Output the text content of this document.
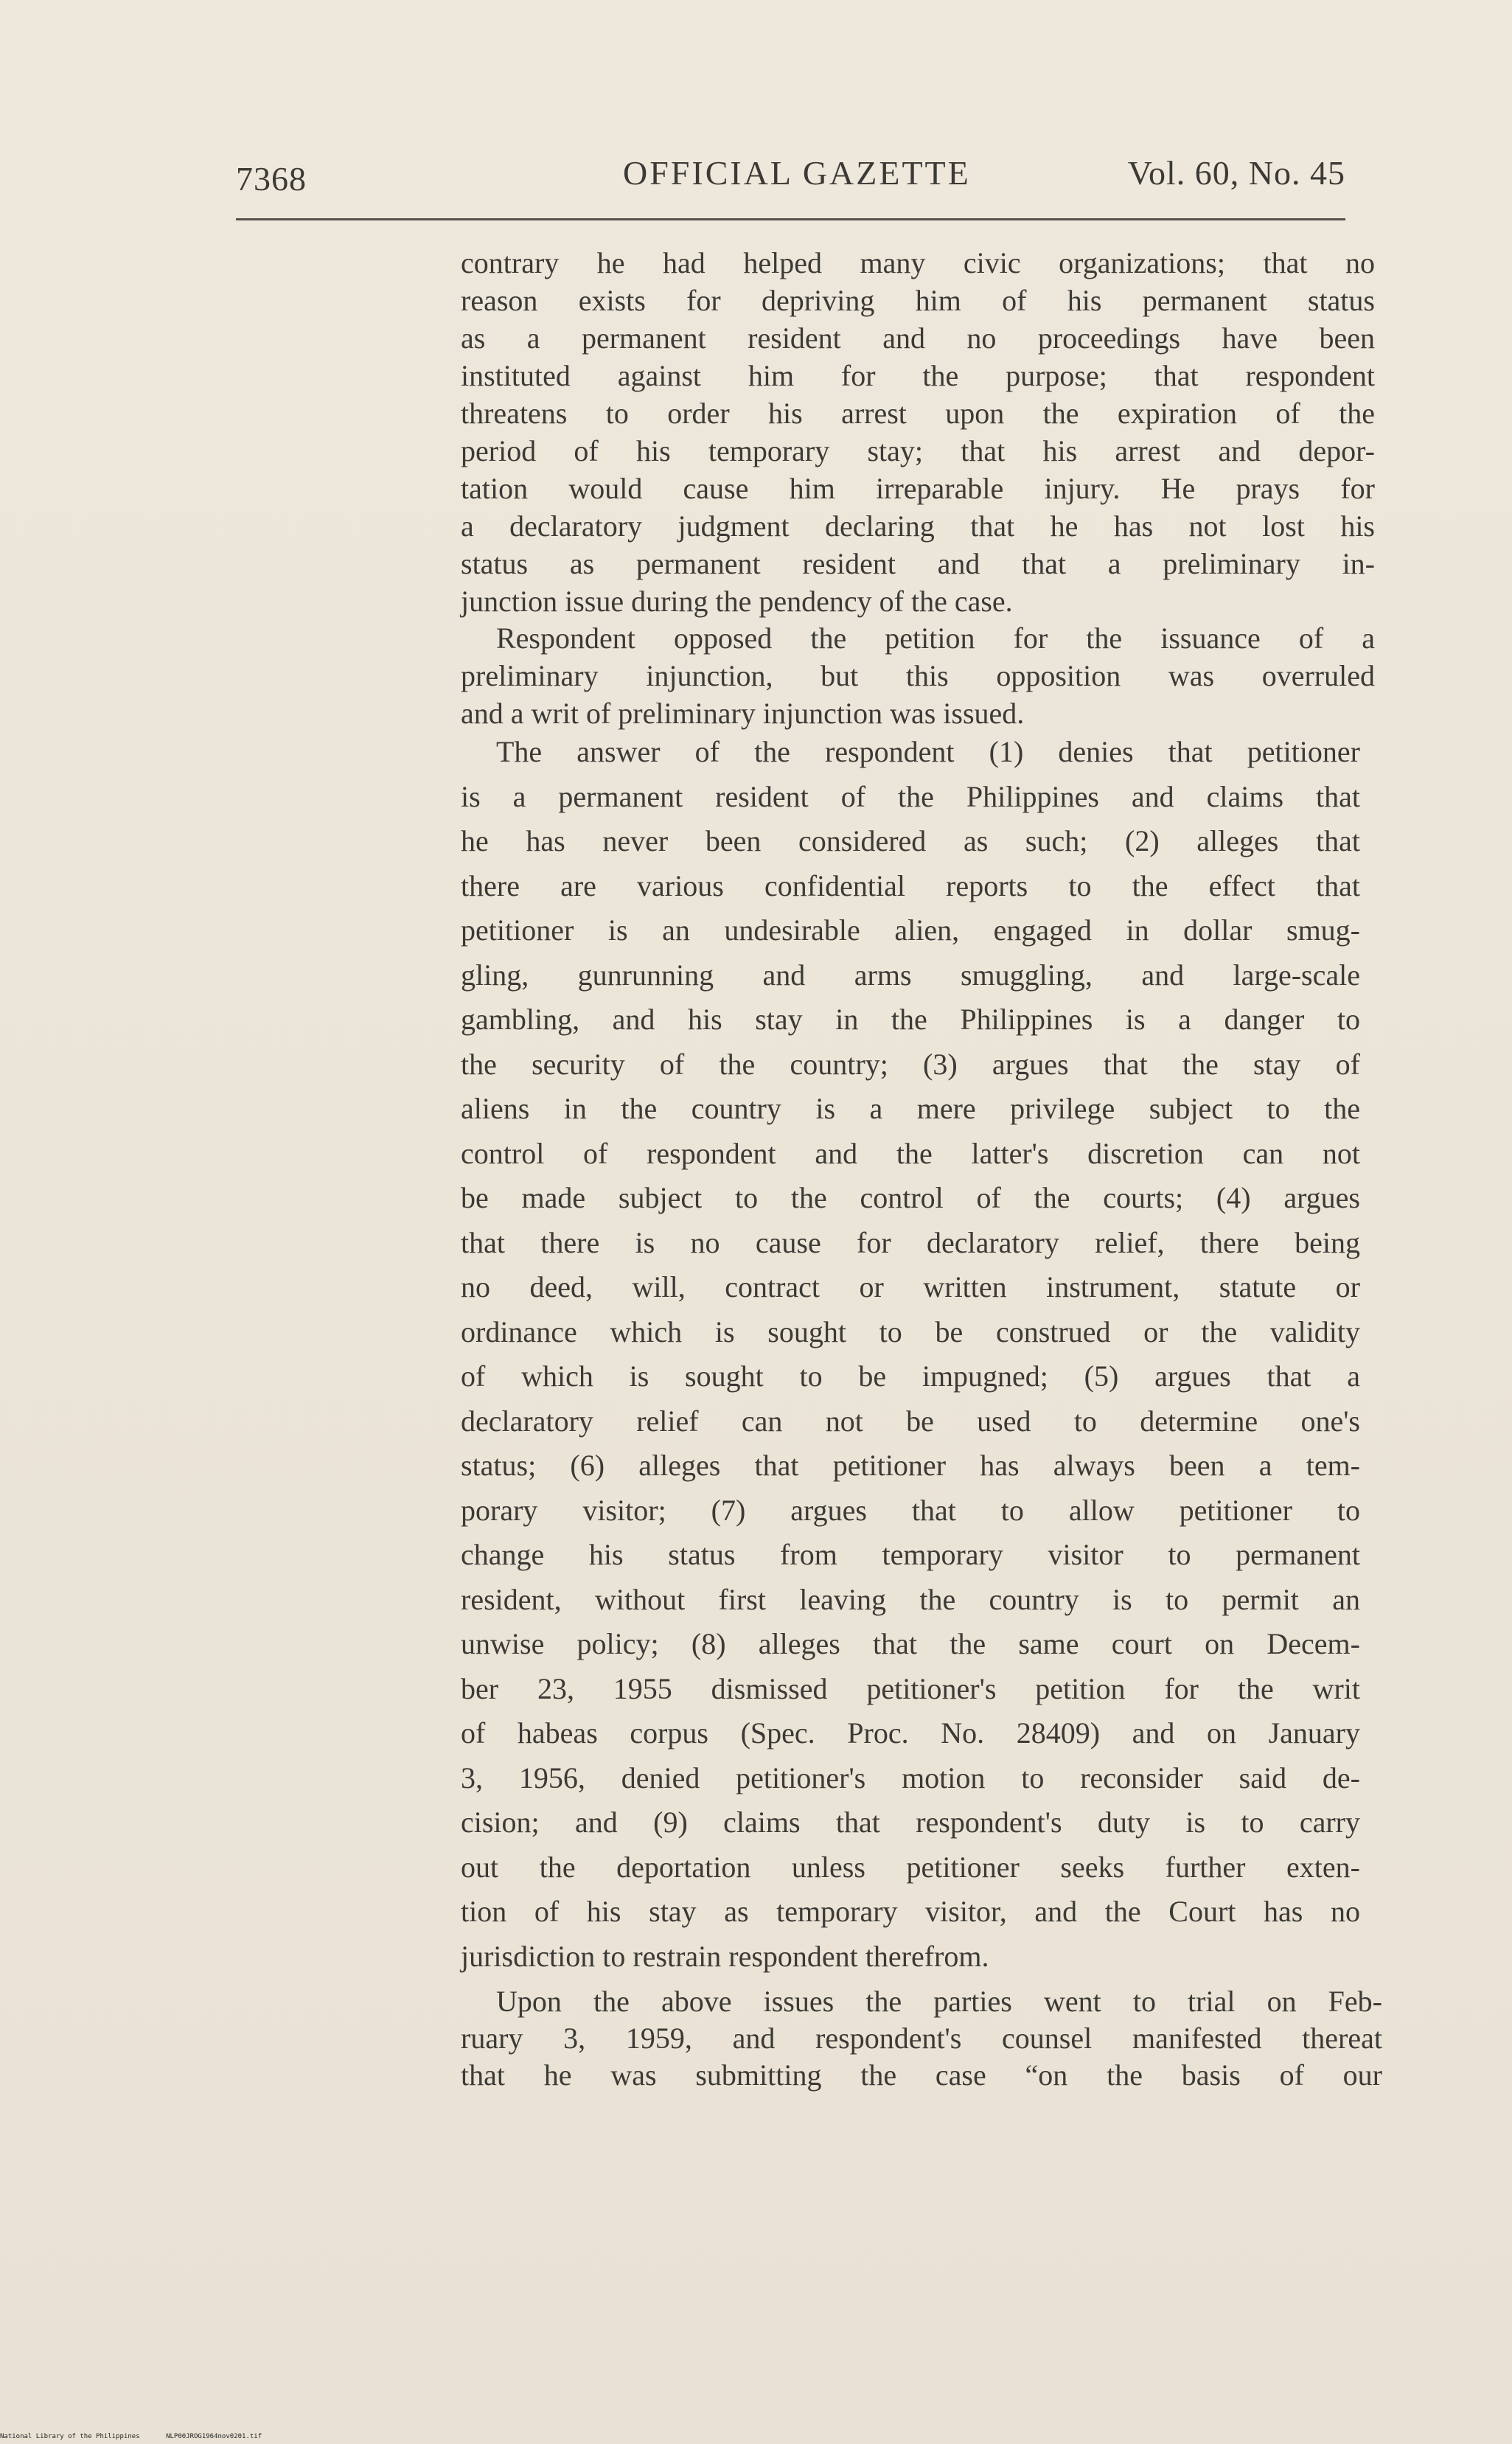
7368	OFFICIAL GAZETTE	Vol. 60, No. 45
contrary he had helped many civic organizations; that no
reason exists for depriving him of his permanent status
as a permanent resident and no proceedings have been
instituted against him for the purpose; that respondent
threatens to order his arrest upon the expiration of the
period of his temporary stay; that his arrest and depor-
tation would cause him irreparable injury. He prays for
a declaratory judgment declaring that he has not lost his
status as permanent resident and that a preliminary in-
junction issue during the pendency of the case.
Respondent opposed the petition for the issuance of a
preliminary injunction, but this opposition was overruled
and a writ of preliminary injunction was issued.
The answer of the respondent (1) denies that petitioner
is a permanent resident of the Philippines and claims that
he has never been considered as such; (2) alleges that
there are various confidential reports to the effect that
petitioner is an undesirable alien, engaged in dollar smug-
gling, gunrunning and arms smuggling, and large-scale
gambling, and his stay in the Philippines is a danger to
the security of the country; (3) argues that the stay of
aliens in the country is a mere privilege subject to the
control of respondent and the latter's discretion can not
be made subject to the control of the courts; (4) argues
that there is no cause for declaratory relief, there being
no deed, will, contract or written instrument, statute or
ordinance which is sought to be construed or the validity
of which is sought to be impugned; (5) argues that a
declaratory relief can not be used to determine one's
status; (6) alleges that petitioner has always been a tem-
porary visitor; (7) argues that to allow petitioner to
change his status from temporary visitor to permanent
resident, without first leaving the country is to permit an
unwise policy; (8) alleges that the same court on Decem-
ber 23, 1955 dismissed petitioner's petition for the writ
of habeas corpus (Spec. Proc. No. 28409) and on January
3, 1956, denied petitioner's motion to reconsider said de-
cision; and (9) claims that respondent's duty is to carry
out the deportation unless petitioner seeks further exten-
tion of his stay as temporary visitor, and the Court has no
jurisdiction to restrain respondent therefrom.
Upon the above issues the parties went to trial on Feb-
ruary 3, 1959, and respondent's counsel manifested thereat
that he was submitting the case “on the basis of our
National Library of the Philippines	NLP00JROG1964nov0201.tif
